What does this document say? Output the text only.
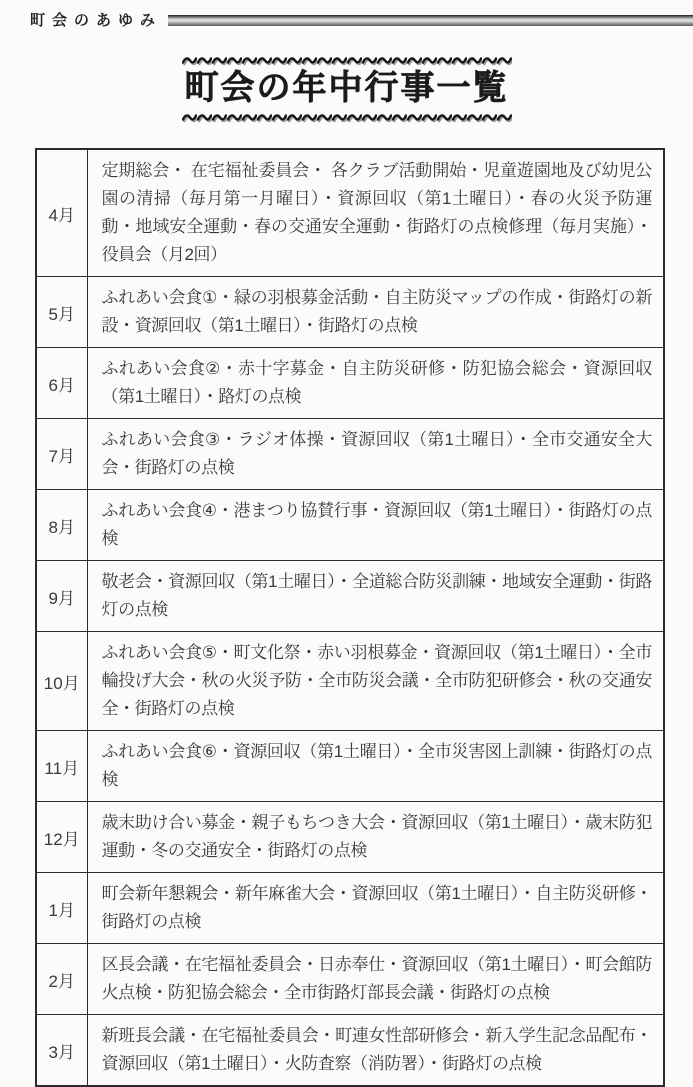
町会のあゆみ
町会の年中行事一覧
4月	定期総会・ 在宅福祉委員会・ 各クラブ活動開始・児童遊園地及び幼児公園の清掃（毎月第一月曜日）・資源回収（第1土曜日）・春の火災予防運動・地域安全運動・春の交通安全運動・街路灯の点検修理（毎月実施）・役員会（月2回）
5月	ふれあい会食①・緑の羽根募金活動・自主防災マップの作成・街路灯の新設・資源回収（第1土曜日）・街路灯の点検
6月	ふれあい会食②・赤十字募金・自主防災研修・防犯協会総会・資源回収（第1土曜日）・路灯の点検
7月	ふれあい会食③・ラジオ体操・資源回収（第1土曜日）・全市交通安全大会・街路灯の点検
8月	ふれあい会食④・港まつり協賛行事・資源回収（第1土曜日）・街路灯の点検
9月	敬老会・資源回収（第1土曜日）・全道総合防災訓練・地域安全運動・街路灯の点検
10月	ふれあい会食⑤・町文化祭・赤い羽根募金・資源回収（第1土曜日）・全市輪投げ大会・秋の火災予防・全市防災会議・全市防犯研修会・秋の交通安全・街路灯の点検
11月	ふれあい会食⑥・資源回収（第1土曜日）・全市災害図上訓練・街路灯の点検
12月	歳末助け合い募金・親子もちつき大会・資源回収（第1土曜日）・歳末防犯運動・冬の交通安全・街路灯の点検
1月	町会新年懇親会・新年麻雀大会・資源回収（第1土曜日）・自主防災研修・街路灯の点検
2月	区長会議・在宅福祉委員会・日赤奉仕・資源回収（第1土曜日）・町会館防火点検・防犯協会総会・全市街路灯部長会議・街路灯の点検
3月	新班長会議・在宅福祉委員会・町連女性部研修会・新入学生記念品配布・資源回収（第1土曜日）・火防査察（消防署）・街路灯の点検
